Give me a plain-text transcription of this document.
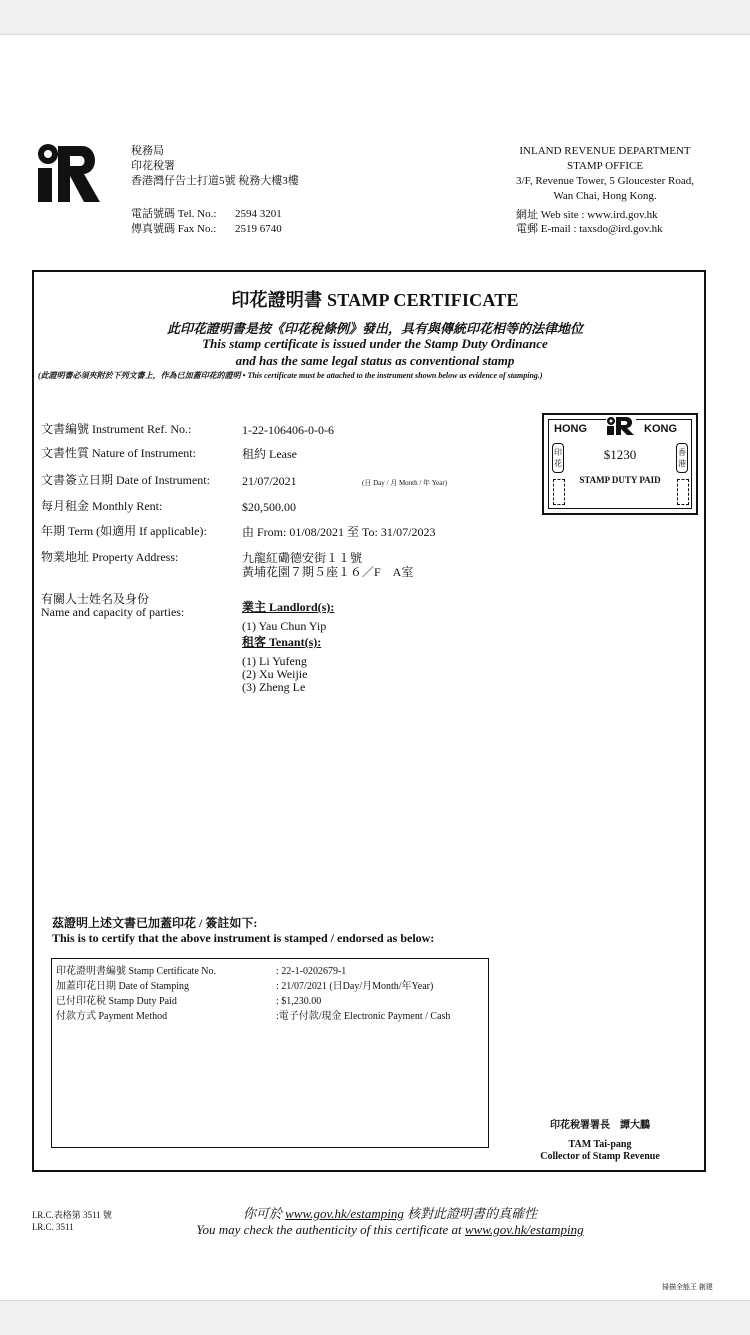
稅務局
印花稅署
香港灣仔告士打道5號 稅務大樓3樓
電話號碼 Tel. No.: 2594 3201
傳真號碼 Fax No.: 2519 6740
INLAND REVENUE DEPARTMENT
STAMP OFFICE
3/F, Revenue Tower, 5 Gloucester Road,
Wan Chai, Hong Kong.
網址 Web site : www.ird.gov.hk
電郵 E-mail : taxsdo@ird.gov.hk
印花證明書 STAMP CERTIFICATE
此印花證明書是按《印花稅條例》發出，具有與傳統印花相等的法律地位
This stamp certificate is issued under the Stamp Duty Ordinance
and has the same legal status as conventional stamp
(此證明書必須夾附於下列文書上，作為已加蓋印花的證明 • This certificate must be attached to the instrument shown below as evidence of stamping.)
文書編號 Instrument Ref. No.:	1-22-106406-0-0-6
文書性質 Nature of Instrument:	租約 Lease
文書簽立日期 Date of Instrument:	21/07/2021	(日 Day / 月 Month / 年 Year)
每月租金 Monthly Rent:	$20,500.00
年期 Term (如適用 If applicable):	由 From: 01/08/2021 至 To: 31/07/2023
物業地址 Property Address:	九龍紅磡德安街１１號
黃埔花園７期５座１６／F　A室
有關人士姓名及身份
Name and capacity of parties:	業主 Landlord(s):
(1) Yau Chun Yip
租客 Tenant(s):
(1) Li Yufeng
(2) Xu Weijie
(3) Zheng Le
HONG	KONG
印花
香港
$1230
STAMP DUTY PAID
茲證明上述文書已加蓋印花 / 簽註如下:
This is to certify that the above instrument is stamped / endorsed as below:
印花證明書編號 Stamp Certificate No.	: 22-1-0202679-1
加蓋印花日期 Date of Stamping	: 21/07/2021 (日Day/月Month/年Year)
已付印花稅 Stamp Duty Paid	: $1,230.00
付款方式 Payment Method	:電子付款/現金 Electronic Payment / Cash
印花稅署署長　譚大鵬
TAM Tai-pang
Collector of Stamp Revenue
I.R.C.表格第 3511 號
I.R.C. 3511
你可於 www.gov.hk/estamping 核對此證明書的真確性
You may check the authenticity of this certificate at www.gov.hk/estamping
掃描全能王 創建
